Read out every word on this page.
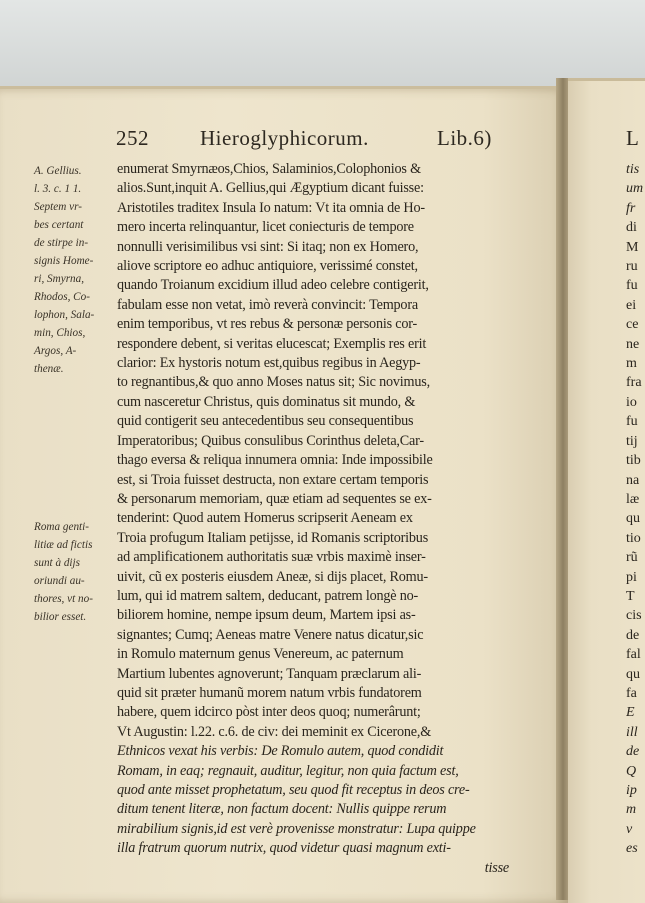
252 Hieroglyphicorum.	Lib.6)
A. Gellius.
l. 3. c. 1 1.
Septem vr-
bes certant
de stirpe in-
signis Home-
ri, Smyrna,
Rhodos, Co-
lophon, Sala-
min, Chios,
Argos, A-
thenæ.
Roma genti-
litiæ ad fictis
sunt à dijs
oriundi au-
thores, vt no-
bilior esset.
enumerat Smyrnæos,Chios, Salaminios,Colophonios &
alios.Sunt,inquit A. Gellius,qui Ægyptium dicant fuisse:
Aristotiles traditex Insula Io natum: Vt ita omnia de Ho-
mero incerta relinquantur, licet coniecturis de tempore
nonnulli verisimilibus vsi sint: Si itaq; non ex Homero,
aliove scriptore eo adhuc antiquiore, verissimé constet,
quando Troianum excidium illud adeo celebre contigerit,
fabulam esse non vetat, imò reverà convincit: Tempora
enim temporibus, vt res rebus & personæ personis cor-
respondere debent, si veritas elucescat; Exemplis res erit
clarior: Ex hystoris notum est,quibus regibus in Aegyp-
to regnantibus,& quo anno Moses natus sit; Sic novimus,
cum nasceretur Christus, quis dominatus sit mundo, &
quid contigerit seu antecedentibus seu consequentibus
Imperatoribus; Quibus consulibus Corinthus deleta,Car-
thago eversa & reliqua innumera omnia: Inde impossibile
est, si Troia fuisset destructa, non extare certam temporis
& personarum memoriam, quæ etiam ad sequentes se ex-
tenderint: Quod autem Homerus scripserit Aeneam ex
Troia profugum Italiam petijsse, id Romanis scriptoribus
ad amplificationem authoritatis suæ vrbis maximè inser-
uivit, cũ ex posteris eiusdem Aneæ, si dijs placet, Romu-
lum, qui id matrem saltem, deducant, patrem longè no-
biliorem homine, nempe ipsum deum, Martem ipsi as-
signantes; Cumq; Aeneas matre Venere natus dicatur,sic
in Romulo maternum genus Venereum, ac paternum
Martium lubentes agnoverunt; Tanquam præclarum ali-
quid sit præter humanũ morem natum vrbis fundatorem
habere, quem idcirco pòst inter deos quoq; numerârunt;
Vt Augustin: l.22. c.6. de civ: dei meminit ex Cicerone,&
Ethnicos vexat his verbis: De Romulo autem, quod condidit
Romam, in eaq; regnauit, auditur, legitur, non quia factum est,
quod ante misset prophetatum, seu quod fit receptus in deos cre-
ditum tenent literæ, non factum docent: Nullis quippe rerum
mirabilium signis,id est verè provenisse monstratur: Lupa quippe
illa fratrum quorum nutrix, quod videtur quasi magnum exti-
tisse
L
tis
um
fr
di
M
ru
fu
ei
ce
ne
m
fra
io
fu
tij
tib
na
læ
qu
tio
rũ
pi
T
cis
de
fal
qu
fa
E
ill
de
Q
ip
m
v
es
